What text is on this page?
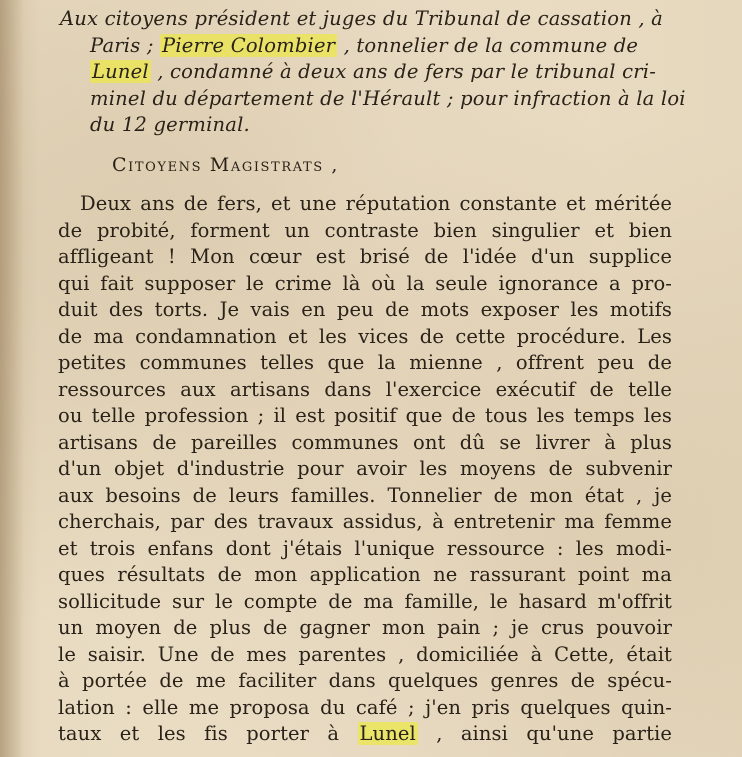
Aux citoyens président et juges du Tribunal de cassation , à
Paris ; Pierre Colombier , tonnelier de la commune de
Lunel , condamné à deux ans de fers par le tribunal cri-
minel du département de l'Hérault ; pour infraction à la loi
du 12 germinal.
Citoyens Magistrats ,
Deux ans de fers, et une réputation constante et méritée
de probité, forment un contraste bien singulier et bien
affligeant ! Mon cœur est brisé de l'idée d'un supplice
qui fait supposer le crime là où la seule ignorance a pro-
duit des torts. Je vais en peu de mots exposer les motifs
de ma condamnation et les vices de cette procédure. Les
petites communes telles que la mienne , offrent peu de
ressources aux artisans dans l'exercice exécutif de telle
ou telle profession ; il est positif que de tous les temps les
artisans de pareilles communes ont dû se livrer à plus
d'un objet d'industrie pour avoir les moyens de subvenir
aux besoins de leurs familles. Tonnelier de mon état , je
cherchais, par des travaux assidus, à entretenir ma femme
et trois enfans dont j'étais l'unique ressource : les modi-
ques résultats de mon application ne rassurant point ma
sollicitude sur le compte de ma famille, le hasard m'offrit
un moyen de plus de gagner mon pain ; je crus pouvoir
le saisir. Une de mes parentes , domiciliée à Cette, était
à portée de me faciliter dans quelques genres de spécu-
lation : elle me proposa du café ; j'en pris quelques quin-
taux et les fis porter à Lunel , ainsi qu'une partie
